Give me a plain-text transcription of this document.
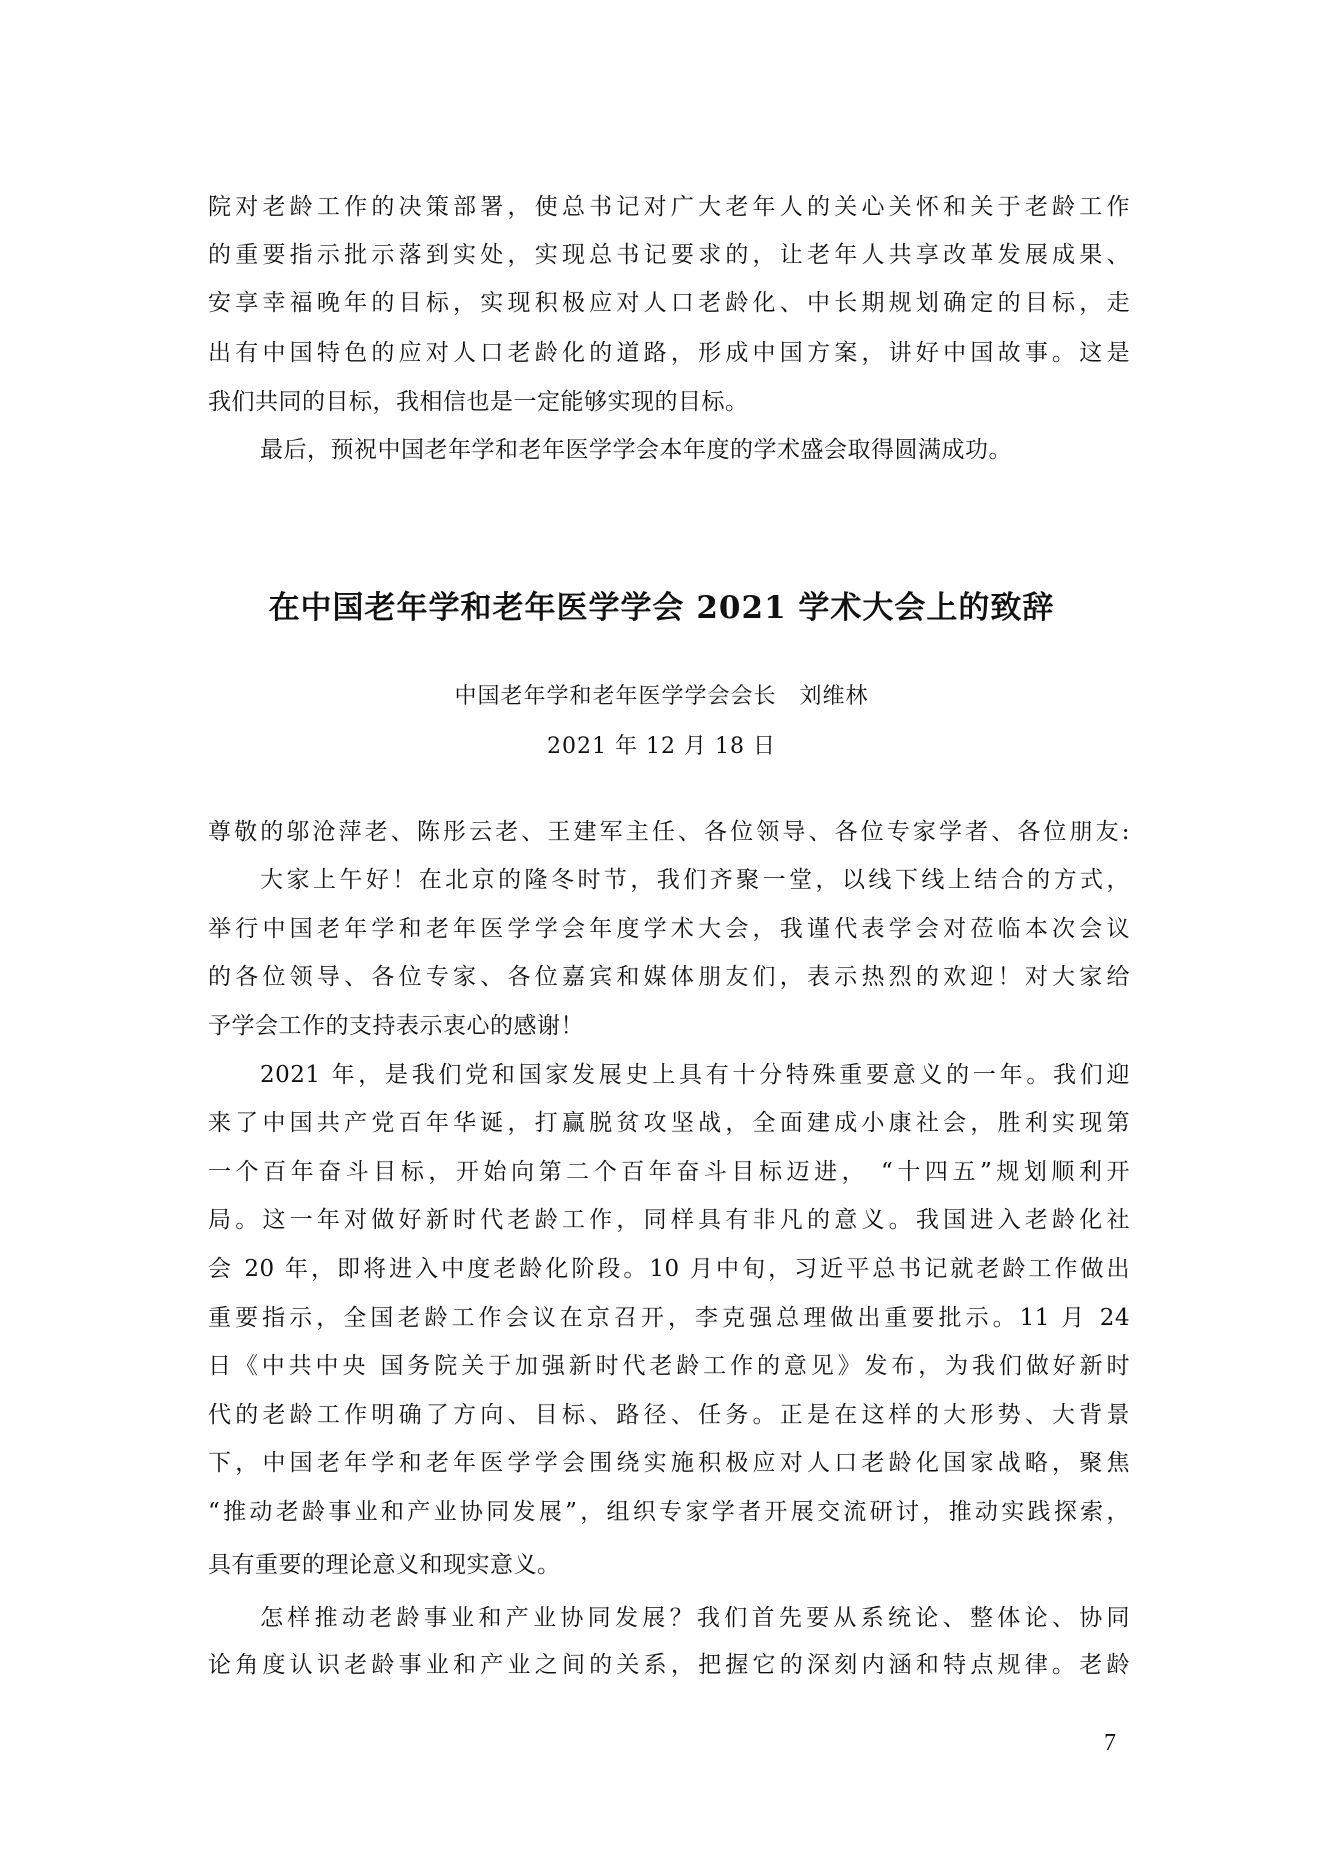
院对老龄工作的决策部署，使总书记对广大老年人的关心关怀和关于老龄工作
的重要指示批示落到实处，实现总书记要求的，让老年人共享改革发展成果、
安享幸福晚年的目标，实现积极应对人口老龄化、中长期规划确定的目标，走
出有中国特色的应对人口老龄化的道路，形成中国方案，讲好中国故事。这是
我们共同的目标，我相信也是一定能够实现的目标。
最后，预祝中国老年学和老年医学学会本年度的学术盛会取得圆满成功。
在中国老年学和老年医学学会 2021 学术大会上的致辞
中国老年学和老年医学学会会长　刘维林
2021 年 12 月 18 日
尊敬的邬沧萍老、陈彤云老、王建军主任、各位领导、各位专家学者、各位朋友:
大家上午好！在北京的隆冬时节，我们齐聚一堂，以线下线上结合的方式，
举行中国老年学和老年医学学会年度学术大会，我谨代表学会对莅临本次会议
的各位领导、各位专家、各位嘉宾和媒体朋友们，表示热烈的欢迎！对大家给
予学会工作的支持表示衷心的感谢！
2021 年，是我们党和国家发展史上具有十分特殊重要意义的一年。我们迎
来了中国共产党百年华诞，打赢脱贫攻坚战，全面建成小康社会，胜利实现第
一个百年奋斗目标，开始向第二个百年奋斗目标迈进， “十四五”规划顺利开
局。这一年对做好新时代老龄工作，同样具有非凡的意义。我国进入老龄化社
会 20 年，即将进入中度老龄化阶段。10 月中旬，习近平总书记就老龄工作做出
重要指示，全国老龄工作会议在京召开，李克强总理做出重要批示。11 月 24
日《中共中央 国务院关于加强新时代老龄工作的意见》发布，为我们做好新时
代的老龄工作明确了方向、目标、路径、任务。正是在这样的大形势、大背景
下，中国老年学和老年医学学会围绕实施积极应对人口老龄化国家战略，聚焦
“推动老龄事业和产业协同发展”，组织专家学者开展交流研讨，推动实践探索，
具有重要的理论意义和现实意义。
怎样推动老龄事业和产业协同发展？我们首先要从系统论、整体论、协同
论角度认识老龄事业和产业之间的关系，把握它的深刻内涵和特点规律。老龄
7
